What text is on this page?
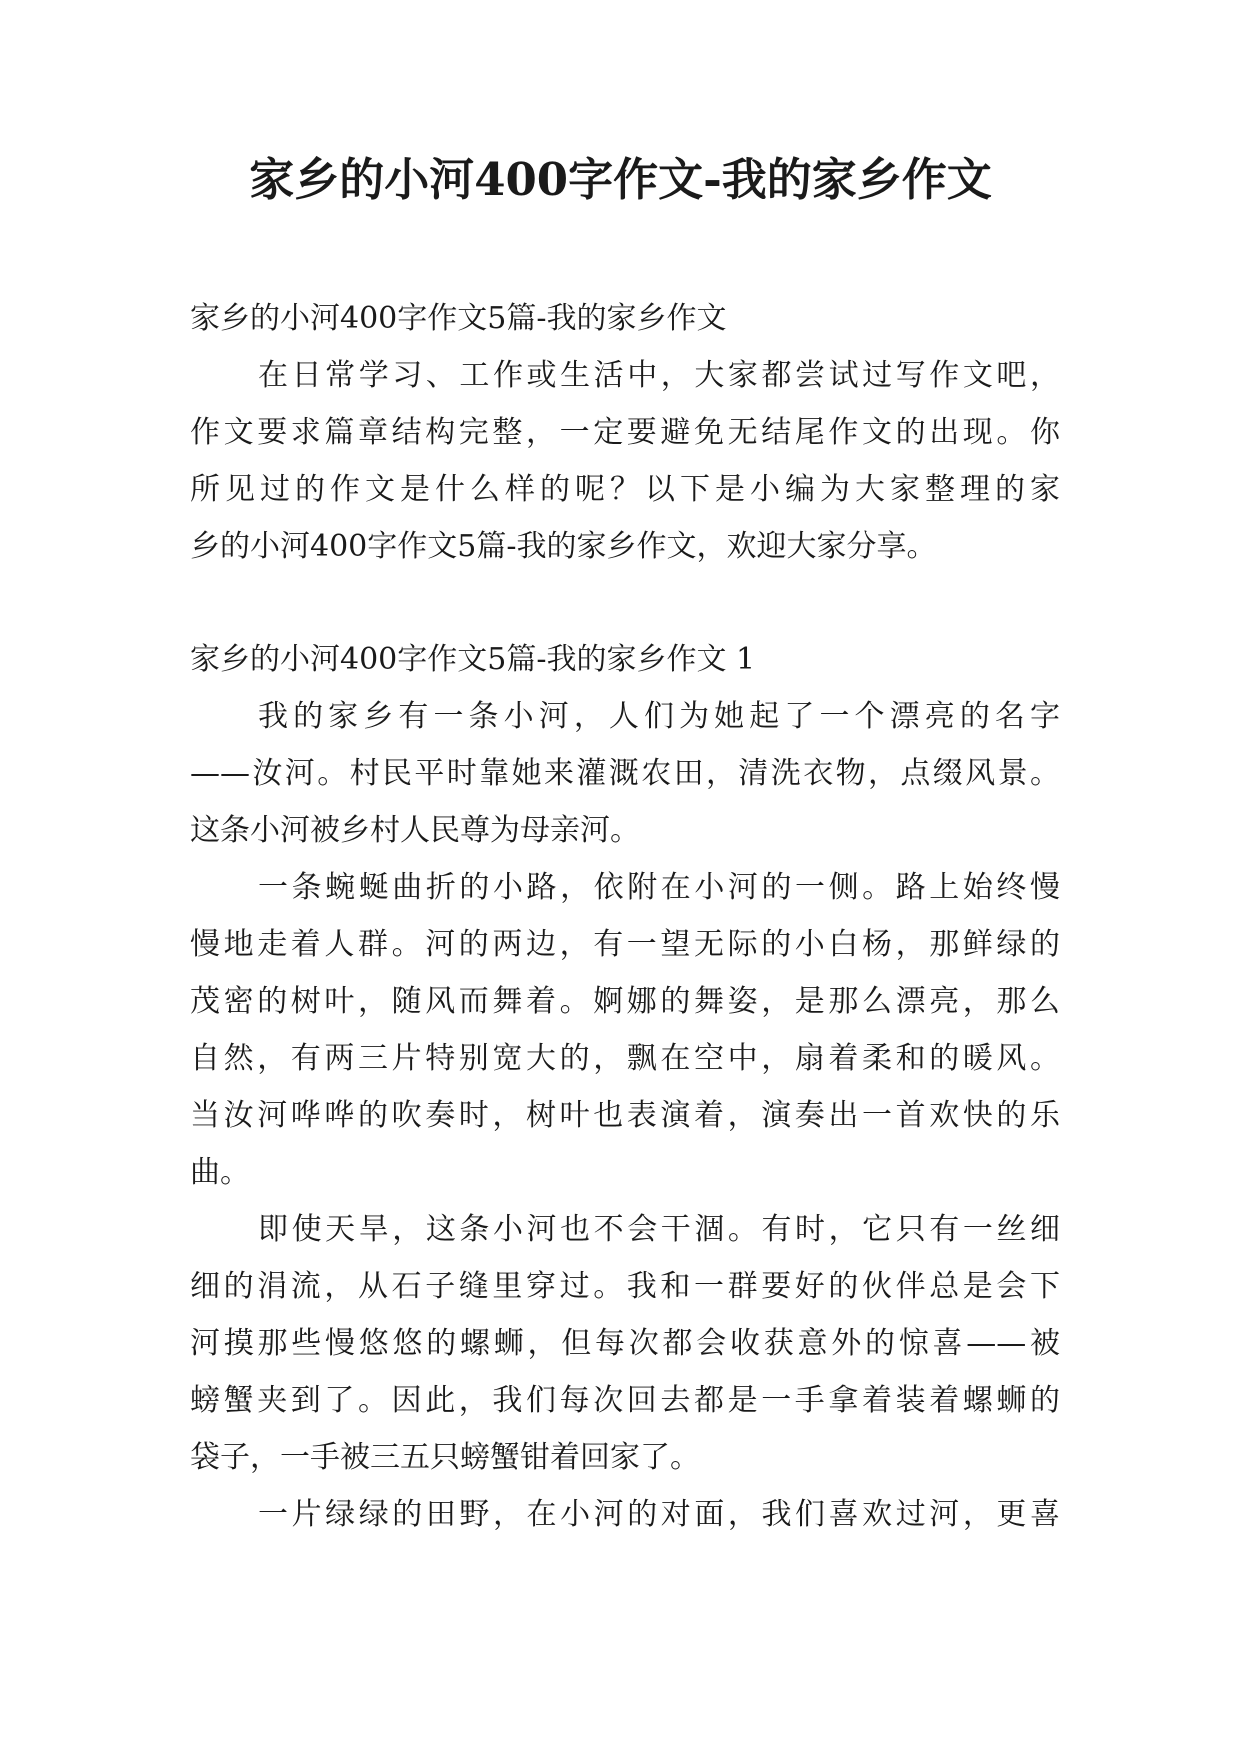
家乡的小河400字作文-我的家乡作文
家乡的小河400字作文5篇-我的家乡作文
在日常学习、工作或生活中，大家都尝试过写作文吧，
作文要求篇章结构完整，一定要避免无结尾作文的出现。你
所见过的作文是什么样的呢？以下是小编为大家整理的家
乡的小河400字作文5篇-我的家乡作文，欢迎大家分享。
家乡的小河400字作文5篇-我的家乡作文 1
我的家乡有一条小河，人们为她起了一个漂亮的名字
——汝河。村民平时靠她来灌溉农田，清洗衣物，点缀风景。
这条小河被乡村人民尊为母亲河。
一条蜿蜒曲折的小路，依附在小河的一侧。路上始终慢
慢地走着人群。河的两边，有一望无际的小白杨，那鲜绿的
茂密的树叶，随风而舞着。婀娜的舞姿，是那么漂亮，那么
自然，有两三片特别宽大的，飘在空中，扇着柔和的暖风。
当汝河哗哗的吹奏时，树叶也表演着，演奏出一首欢快的乐
曲。
即使天旱，这条小河也不会干涸。有时，它只有一丝细
细的涓流，从石子缝里穿过。我和一群要好的伙伴总是会下
河摸那些慢悠悠的螺蛳，但每次都会收获意外的惊喜——被
螃蟹夹到了。因此，我们每次回去都是一手拿着装着螺蛳的
袋子，一手被三五只螃蟹钳着回家了。
一片绿绿的田野，在小河的对面，我们喜欢过河，更喜
